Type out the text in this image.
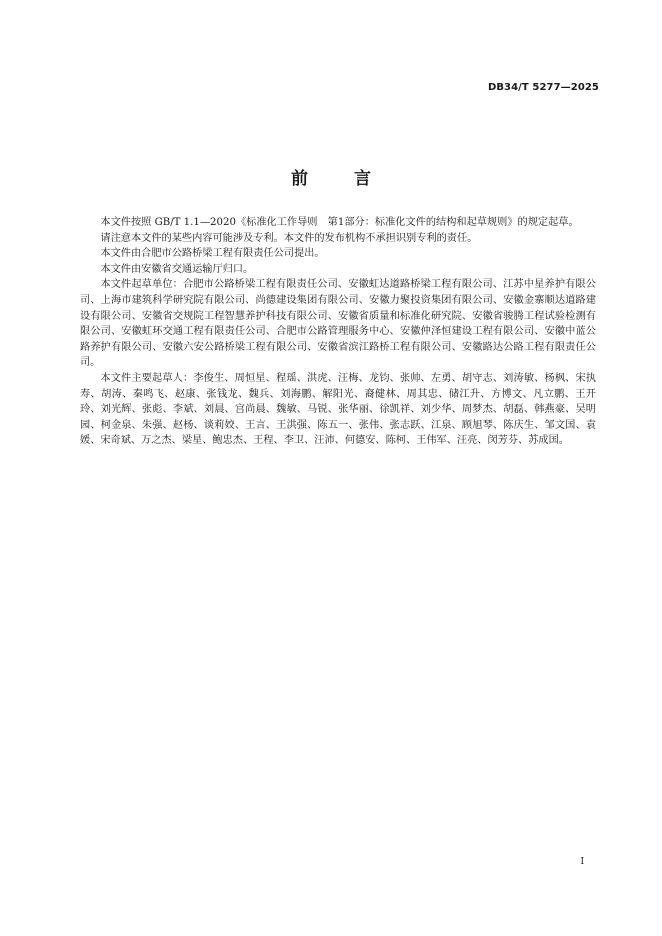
DB34/T 5277—2025
前 言

本文件按照 GB/T 1.1—2020《标准化工作导则　第1部分：标准化文件的结构和起草规则》的规定起草。

请注意本文件的某些内容可能涉及专利。本文件的发布机构不承担识别专利的责任。

本文件由合肥市公路桥梁工程有限责任公司提出。

本文件由安徽省交通运输厅归口。

本文件起草单位：合肥市公路桥梁工程有限责任公司、安徽虹达道路桥梁工程有限公司、江苏中星养护有限公司、上海市建筑科学研究院有限公司、尚德建设集团有限公司、安徽力聚投资集团有限公司、安徽金寨顺达道路建设有限公司、安徽省交规院工程智慧养护科技有限公司、安徽省质量和标准化研究院、安徽省骏腾工程试验检测有限公司、安徽虹环交通工程有限责任公司、合肥市公路管理服务中心、安徽仲泽恒建设工程有限公司、安徽中蓝公路养护有限公司、安徽六安公路桥梁工程有限公司、安徽省滨江路桥工程有限公司、安徽路达公路工程有限责任公司。

本文件主要起草人：李俊生、周恒星、程瑶、洪虎、汪梅、龙钧、张帅、左勇、胡守志、刘涛敏、杨枫、宋执寿、胡涛、秦鸣飞、赵康、张钱龙、魏兵、刘海鹏、解阳光、裔健林、周其忠、储江升、方博文、凡立鹏、王开玲、刘光辉、张彪、李斌、刘晨、宫尚晨、魏敏、马锐、张华丽、徐凯祥、刘少华、周梦杰、胡磊、韩燕豪、吴明园、柯金泉、朱强、赵杨、谈莉姣、王言、王洪强、陈五一、张伟、张志跃、江泉、顾旭琴、陈庆生、邹文国、袁媛、宋奇斌、万之杰、梁星、鲍忠杰、王程、李卫、汪沛、何德安、陈柯、王伟军、汪亮、闵芳芬、苏成国。

I
